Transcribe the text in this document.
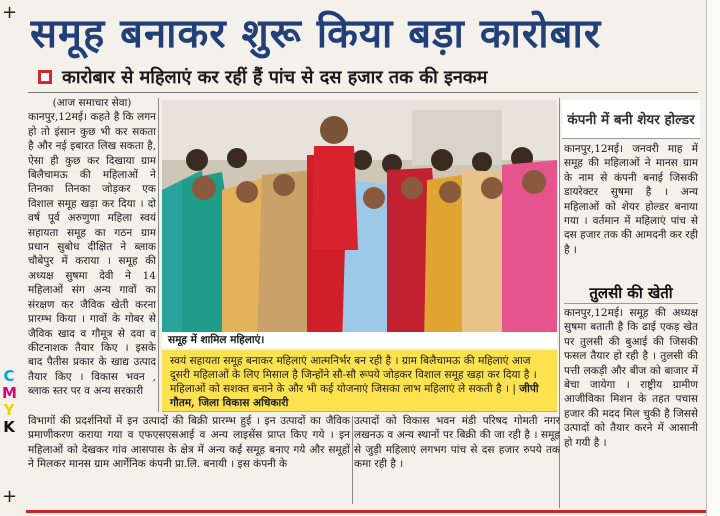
+
+
C
M
Y
K
समूह बनाकर शुरू किया बड़ा कारोबार
कारोबार से महिलाएं कर रहीं हैं पांच से दस हजार तक की इनकम

(आज समाचार सेवा)

कानपुर,12मई। कहते है कि लगन हो तो इंसान कुछ भी कर सकता है और नई इबारत लिख सकता है, ऐसा ही कुछ कर दिखाया ग्राम बिलैचामऊ की महिलाओं ने तिनका तिनका जोड़कर एक विशाल समूह खड़ा कर दिया । दो वर्ष पूर्व अरुणुणा महिला स्वयं सहायता समूह का गठन ग्राम प्रधान सुबोध दीक्षित ने ब्लाक चौबेपुर में कराया । समूह की अध्यक्ष सुषमा देवी ने 14 महिलाओं संग अन्य गावों का संरक्षण कर जैविक खेती करना प्रारम्भ किया । गावों के गोबर से जैविक खाद व गौमूत्र से दवा व कीटनाशक तैयार किए । इसके बाद पैतीस प्रकार के खाद्य उत्पाद तैयार किए । विकास भवन , ब्लाक स्तर पर व अन्य सरकारी

समूह में शामिल महिलाएं।
स्वयं सहायता समूह बनाकर महिलाएं आत्मनिर्भर बन रही है । ग्राम बिलैचामऊ की महिलाएं आज दूसरी महिलाओं के लिए मिसाल है जिन्होंने सौ-सौ रूपये जोड़कर विशाल समूह खड़ा कर दिया है । महिलाओं को सशक्त बनाने के और भी कई योजनाएं जिसका लाभ महिलाएं ले सकती है । | जीपी गौतम, जिला विकास अधिकारी
कंपनी में बनी शेयर होल्डर

कानपुर,12मई। जनवरी माह में समूह की महिलाओं ने मानस ग्राम के नाम से कंपनी बनाई जिसकी डायरेक्टर सुषमा है । अन्य महिलाओं को शेयर होल्डर बनाया गया । वर्तमान में महिलाएं पांच से दस हजार तक की आमदनी कर रही है ।

तुलसी की खेती

कानपुर,12मई। समूह की अध्यक्ष सुषमा बताती है कि ढाई एकड़ खेत पर तुलसी की बुआई की जिसकी फसल तैयार हो रही है । तुलसी की पत्ती लकड़ी और बीज को बाजार में बेचा जायेगा । राष्ट्रीय ग्रामीण आजीविका मिशन के तहत पचास हजार की मदद मिल चुकी है जिससे उत्पादों को तैयार करने में आसानी हो गयी है ।

विभागों की प्रदर्शनियों में इन उत्पादों की बिक्री प्रारम्भ हुई । इन उत्पादों का जैविक प्रमाणीकरण कराया गया व एफएसएसआई व अन्य लाइसेंस प्राप्त किए गये । इन महिलाओं को देखकर गांव आसपास के क्षेत्र में अन्य कई समूह बनाए गये और समूहों ने मिलकर मानस ग्राम आर्गेनिक कंपनी प्रा.लि. बनायी । इस कंपनी के

उत्पादों को विकास भवन मंडी परिषद गोमती नगर लखनऊ व अन्य स्थानों पर बिक्री की जा रही है । समूह से जुड़ी महिलाएं लगभग पांच से दस हजार रुपये तक कमा रही है ।
